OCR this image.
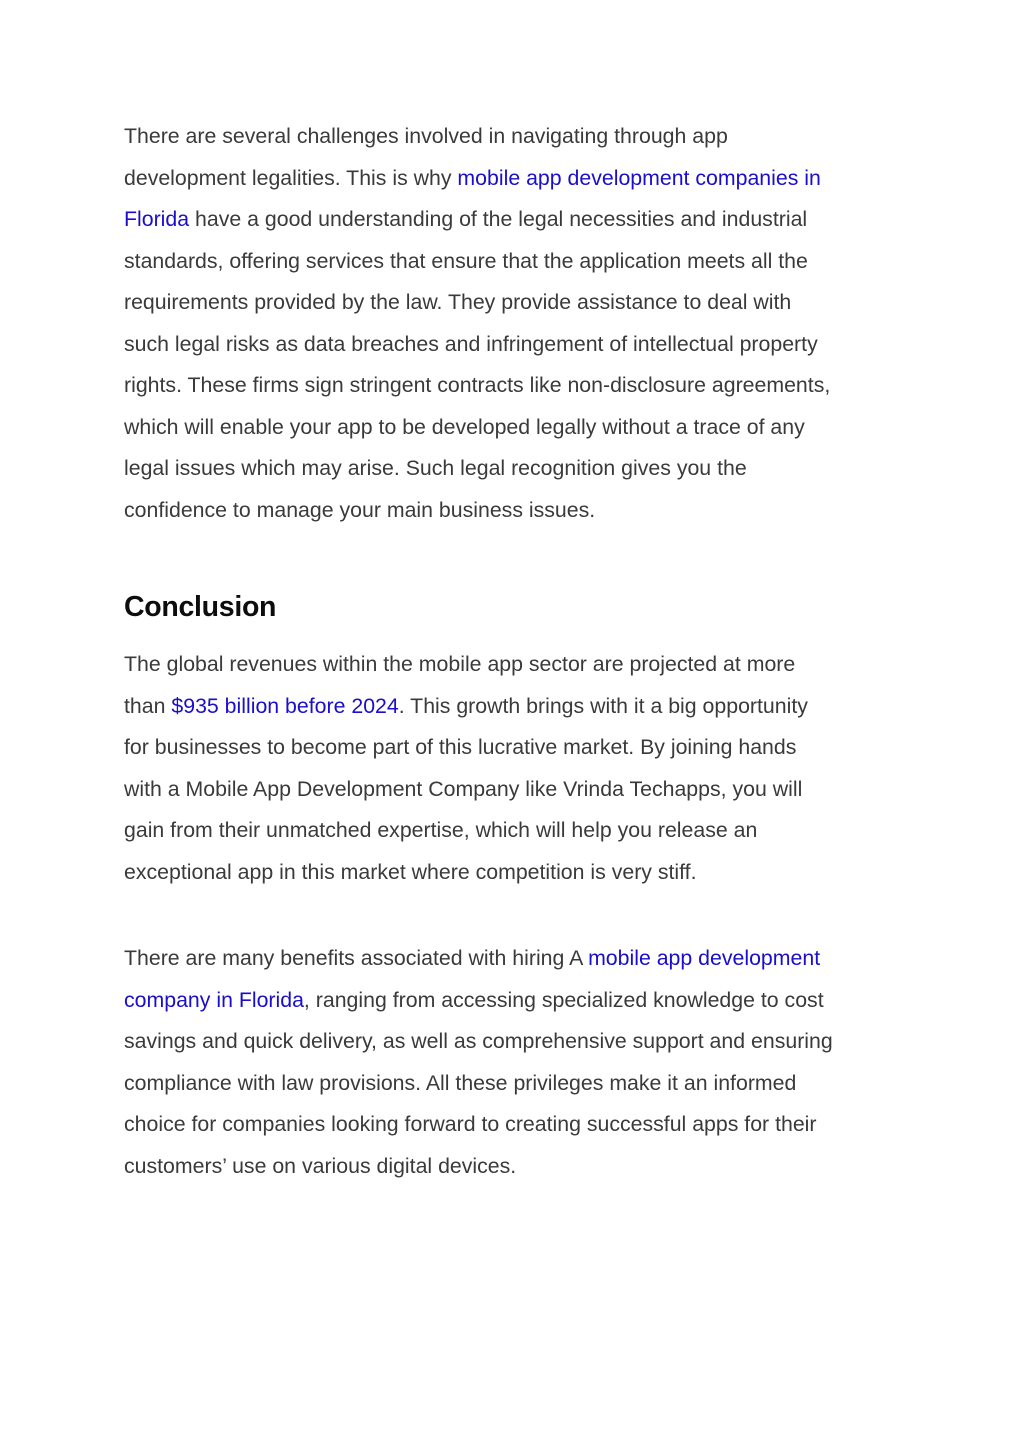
There are several challenges involved in navigating through app
development legalities. This is why mobile app development companies in
Florida have a good understanding of the legal necessities and industrial
standards, offering services that ensure that the application meets all the
requirements provided by the law. They provide assistance to deal with
such legal risks as data breaches and infringement of intellectual property
rights. These firms sign stringent contracts like non-disclosure agreements,
which will enable your app to be developed legally without a trace of any
legal issues which may arise. Such legal recognition gives you the
confidence to manage your main business issues.

Conclusion

The global revenues within the mobile app sector are projected at more
than $935 billion before 2024. This growth brings with it a big opportunity
for businesses to become part of this lucrative market. By joining hands
with a Mobile App Development Company like Vrinda Techapps, you will
gain from their unmatched expertise, which will help you release an
exceptional app in this market where competition is very stiff.

There are many benefits associated with hiring A mobile app development
company in Florida, ranging from accessing specialized knowledge to cost
savings and quick delivery, as well as comprehensive support and ensuring
compliance with law provisions. All these privileges make it an informed
choice for companies looking forward to creating successful apps for their
customers’ use on various digital devices.
